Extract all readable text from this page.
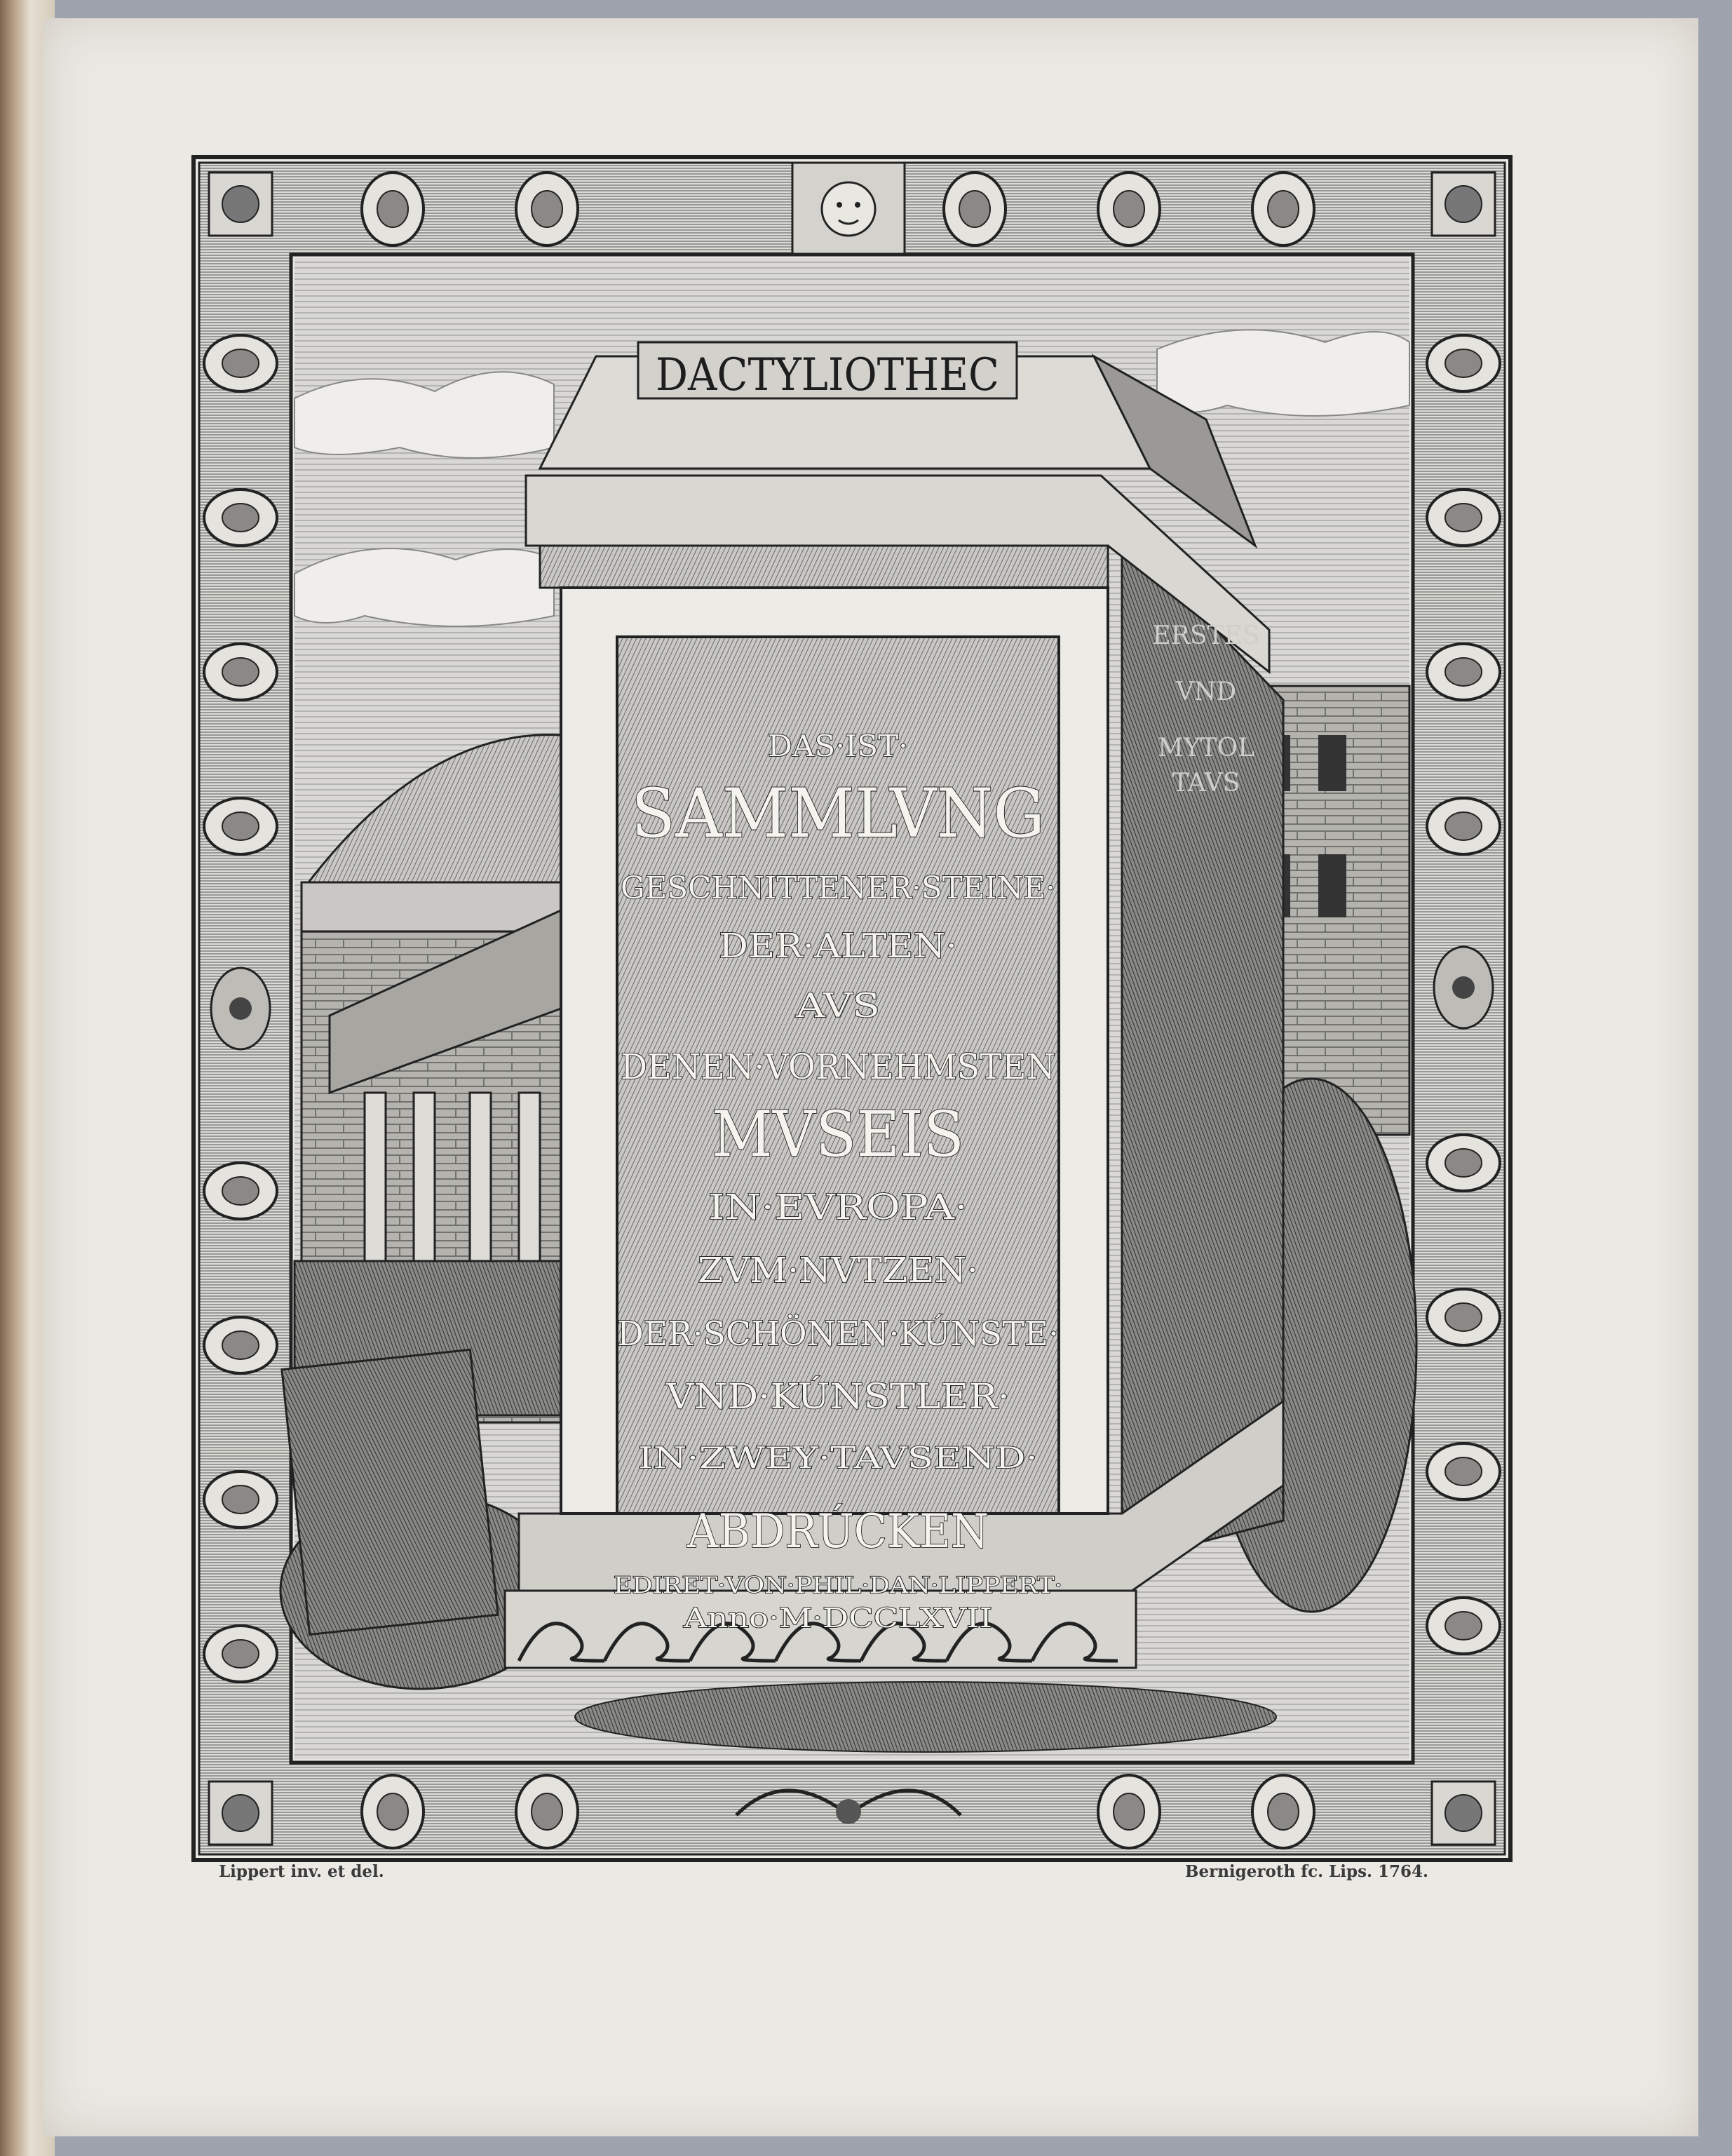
DACTYLIOTHEC
DAS·IST·
SAMMLVNG
GESCHNITTENER·STEINE·
DER·ALTEN·
AVS
DENEN·VORNEHMSTEN
MVSEIS
IN·EVROPA·
ZVM·NVTZEN·
DER·SCHÖNEN·KÚNSTE·
VND·KÚNSTLER·
IN·ZWEY·TAVSEND·
ABDRÚCKEN
EDIRET·VON·PHIL·DAN·LIPPERT·
Anno·M·DCCLXVII
ERSTES
VND
MYTOL
TAVS
Lippert inv. et del.	Bernigeroth fc. Lips. 1764.
